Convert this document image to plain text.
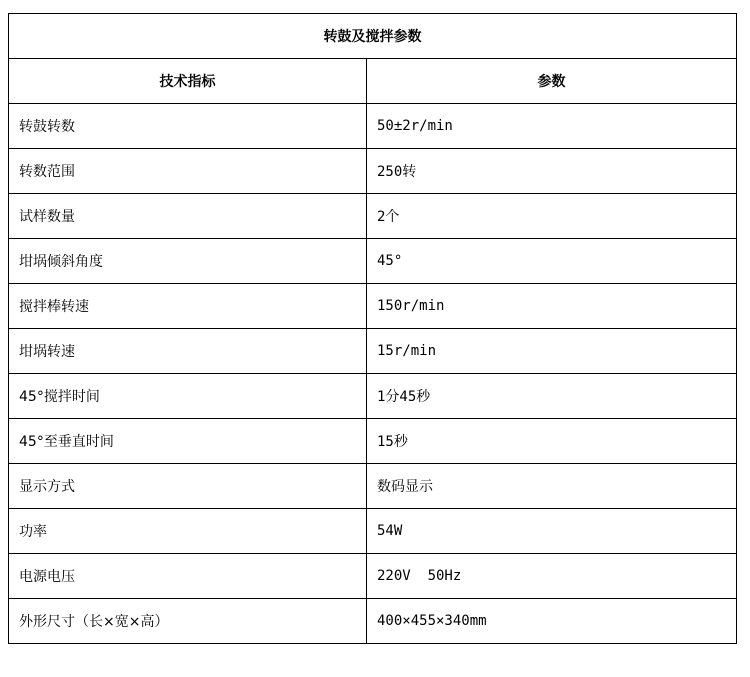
转鼓及搅拌参数	
技术指标	参数
转鼓转数	50±2r/min
转数范围	250转
试样数量	2个
坩埚倾斜角度	45°
搅拌棒转速	150r/min
坩埚转速	15r/min
45°搅拌时间	1分45秒
45°至垂直时间	15秒
显示方式	数码显示
功率	54W
电源电压	220V  50Hz
外形尺寸（长×宽×高）	400×455×340mm
